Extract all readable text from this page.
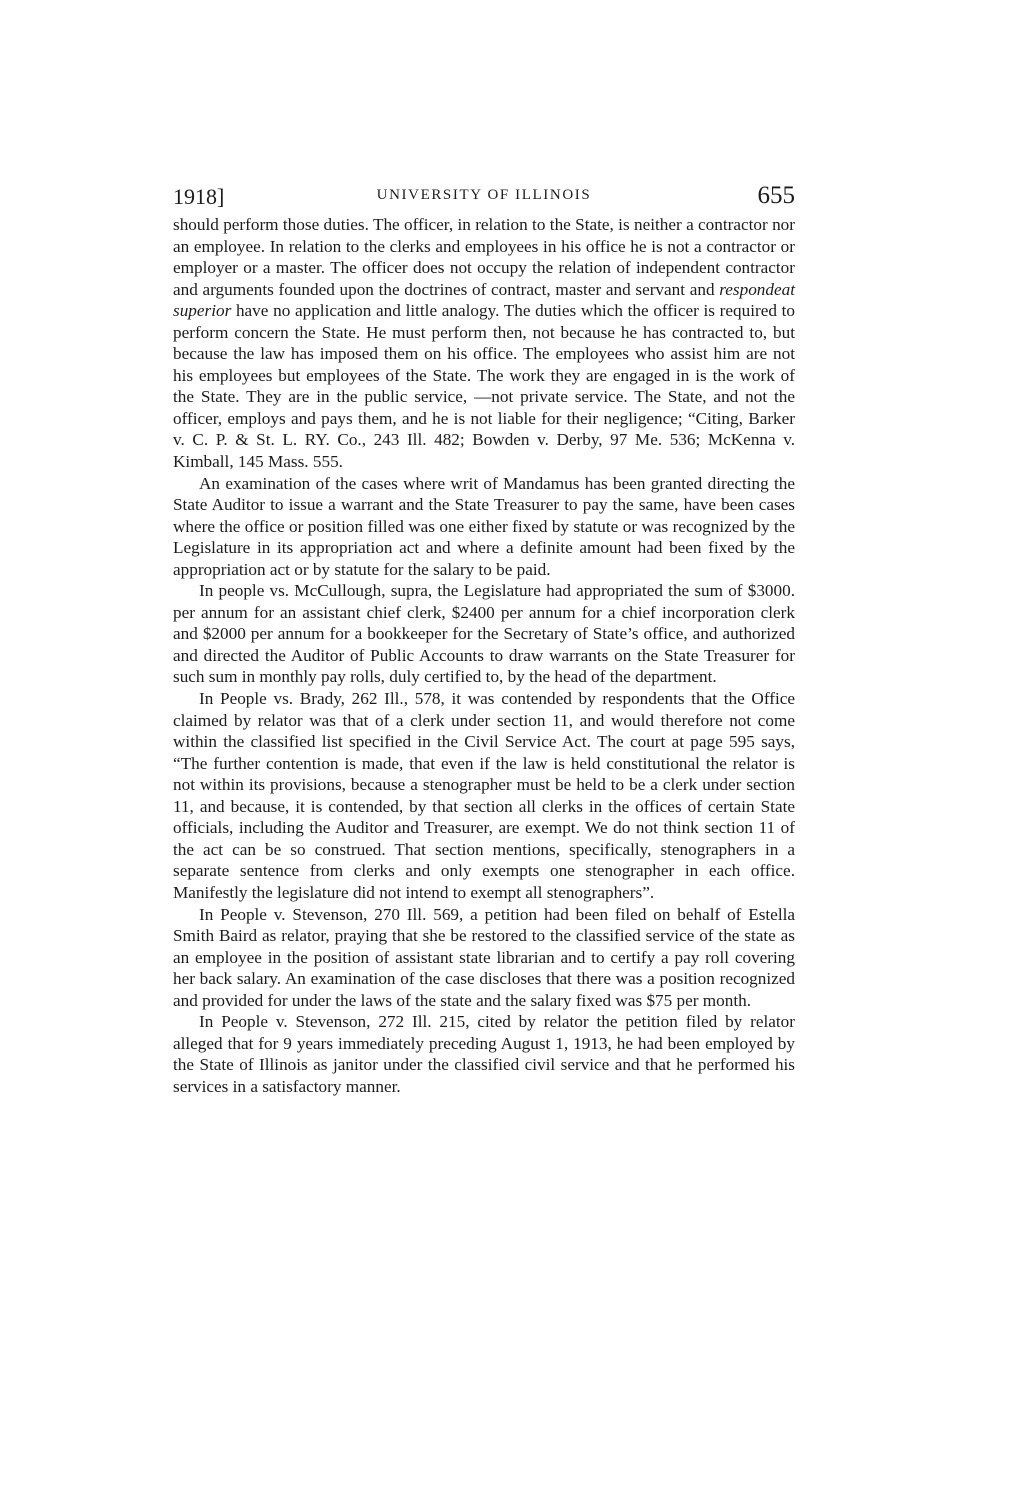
1918]	UNIVERSITY OF ILLINOIS	655

should perform those duties. The officer, in relation to the State, is neither a contractor nor an employee. In relation to the clerks and employees in his office he is not a contractor or employer or a master. The officer does not occupy the relation of independent contractor and arguments founded upon the doctrines of contract, master and servant and respondeat superior have no application and little analogy. The duties which the officer is required to perform concern the State. He must perform then, not because he has contracted to, but because the law has imposed them on his office. The employees who assist him are not his employees but employees of the State. The work they are engaged in is the work of the State. They are in the public service, —not private service. The State, and not the officer, employs and pays them, and he is not liable for their negligence; “Citing, Barker v. C. P. & St. L. RY. Co., 243 Ill. 482; Bowden v. Derby, 97 Me. 536; McKenna v. Kimball, 145 Mass. 555.

An examination of the cases where writ of Mandamus has been granted directing the State Auditor to issue a warrant and the State Treasurer to pay the same, have been cases where the office or position filled was one either fixed by statute or was recognized by the Legislature in its appropriation act and where a definite amount had been fixed by the appropriation act or by statute for the salary to be paid.

In people vs. McCullough, supra, the Legislature had appropriated the sum of $3000. per annum for an assistant chief clerk, $2400 per annum for a chief incorporation clerk and $2000 per annum for a bookkeeper for the Secretary of State’s office, and authorized and directed the Auditor of Public Accounts to draw warrants on the State Treasurer for such sum in monthly pay rolls, duly certified to, by the head of the department.

In People vs. Brady, 262 Ill., 578, it was contended by respondents that the Office claimed by relator was that of a clerk under section 11, and would therefore not come within the classified list specified in the Civil Service Act. The court at page 595 says, “The further contention is made, that even if the law is held constitutional the relator is not within its provisions, because a stenographer must be held to be a clerk under section 11, and because, it is contended, by that section all clerks in the offices of certain State officials, including the Auditor and Treasurer, are exempt. We do not think section 11 of the act can be so construed. That section mentions, specifically, stenographers in a separate sentence from clerks and only exempts one stenographer in each office. Manifestly the legislature did not intend to exempt all stenographers”.

In People v. Stevenson, 270 Ill. 569, a petition had been filed on behalf of Estella Smith Baird as relator, praying that she be restored to the classified service of the state as an employee in the position of assistant state librarian and to certify a pay roll covering her back salary. An examination of the case discloses that there was a position recognized and provided for under the laws of the state and the salary fixed was $75 per month.

In People v. Stevenson, 272 Ill. 215, cited by relator the petition filed by relator alleged that for 9 years immediately preceding August 1, 1913, he had been employed by the State of Illinois as janitor under the classified civil service and that he performed his services in a satisfactory manner.
